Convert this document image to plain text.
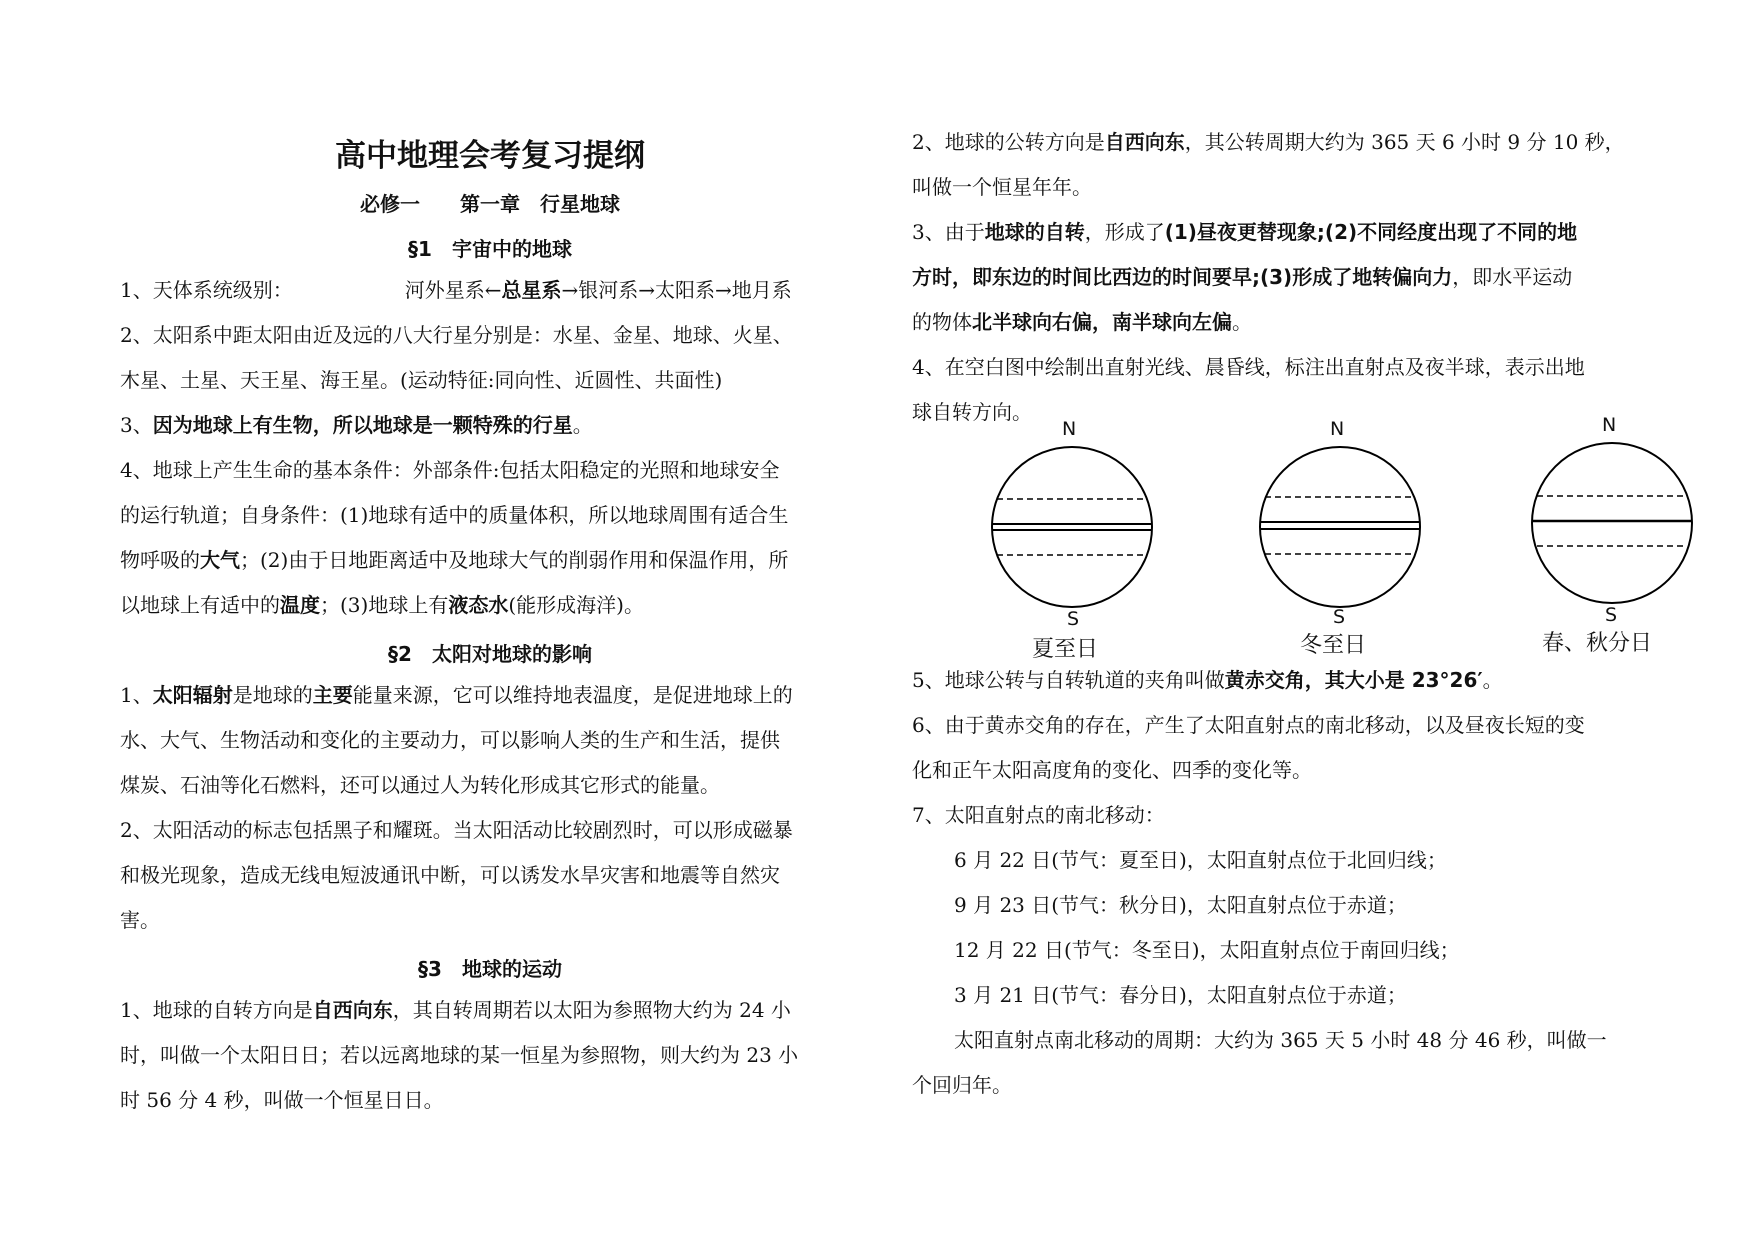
高中地理会考复习提纲
必修一　　第一章　行星地球
§1　宇宙中的地球
1、天体系统级别：	河外星系←总星系→银河系→太阳系→地月系
2、太阳系中距太阳由近及远的八大行星分别是：水星、金星、地球、火星、
木星、土星、天王星、海王星。(运动特征:同向性、近圆性、共面性)
3、因为地球上有生物，所以地球是一颗特殊的行星。
4、地球上产生生命的基本条件：外部条件:包括太阳稳定的光照和地球安全
的运行轨道；自身条件：(1)地球有适中的质量体积，所以地球周围有适合生
物呼吸的大气；(2)由于日地距离适中及地球大气的削弱作用和保温作用，所
以地球上有适中的温度；(3)地球上有液态水(能形成海洋)。
§2　太阳对地球的影响
1、太阳辐射是地球的主要能量来源，它可以维持地表温度，是促进地球上的
水、大气、生物活动和变化的主要动力，可以影响人类的生产和生活，提供
煤炭、石油等化石燃料，还可以通过人为转化形成其它形式的能量。
2、太阳活动的标志包括黑子和耀斑。当太阳活动比较剧烈时，可以形成磁暴
和极光现象，造成无线电短波通讯中断，可以诱发水旱灾害和地震等自然灾
害。
§3　地球的运动
1、地球的自转方向是自西向东，其自转周期若以太阳为参照物大约为 24 小
时，叫做一个太阳日日；若以远离地球的某一恒星为参照物，则大约为 23 小
时 56 分 4 秒，叫做一个恒星日日。
2、地球的公转方向是自西向东，其公转周期大约为 365 天 6 小时 9 分 10 秒，
叫做一个恒星年年。
3、由于地球的自转，形成了(1)昼夜更替现象;(2)不同经度出现了不同的地
方时，即东边的时间比西边的时间要早;(3)形成了地转偏向力，即水平运动
的物体北半球向右偏，南半球向左偏。
4、在空白图中绘制出直射光线、晨昏线，标注出直射点及夜半球，表示出地
球自转方向。
N
S
夏至日
N
S
冬至日
N
S
春、秋分日
5、地球公转与自转轨道的夹角叫做黄赤交角，其大小是 23°26′。
6、由于黄赤交角的存在，产生了太阳直射点的南北移动，以及昼夜长短的变
化和正午太阳高度角的变化、四季的变化等。
7、太阳直射点的南北移动：
6 月 22 日(节气：夏至日)，太阳直射点位于北回归线；
9 月 23 日(节气：秋分日)，太阳直射点位于赤道；
12 月 22 日(节气：冬至日)，太阳直射点位于南回归线；
3 月 21 日(节气：春分日)，太阳直射点位于赤道；
太阳直射点南北移动的周期：大约为 365 天 5 小时 48 分 46 秒，叫做一
个回归年。
